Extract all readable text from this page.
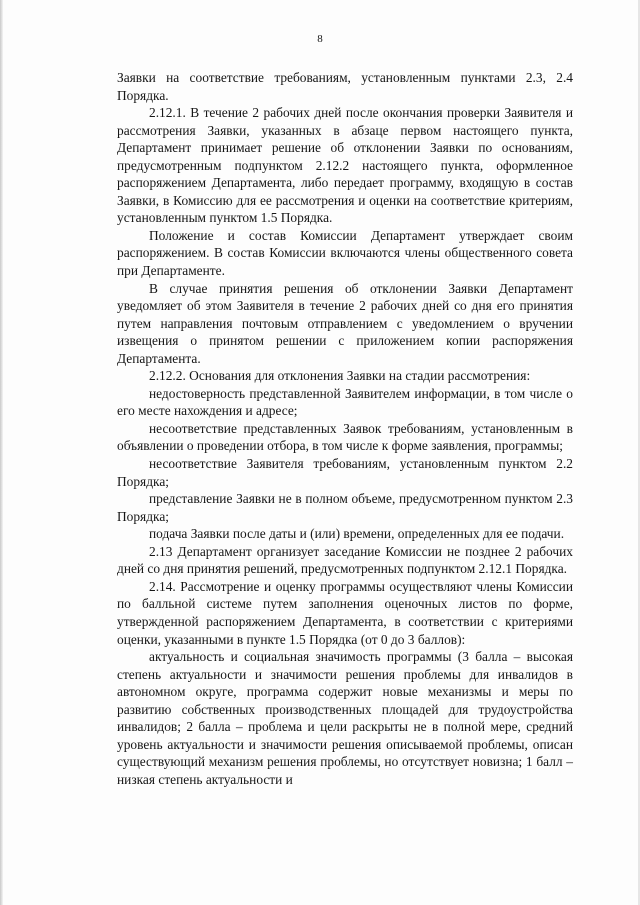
8

Заявки на соответствие требованиям, установленным пунктами 2.3, 2.4 Порядка.

2.12.1. В течение 2 рабочих дней после окончания проверки Заявителя и рассмотрения Заявки, указанных в абзаце первом настоящего пункта, Департамент принимает решение об отклонении Заявки по основаниям, предусмотренным подпунктом 2.12.2 настоящего пункта, оформленное распоряжением Департамента, либо передает программу, входящую в состав Заявки, в Комиссию для ее рассмотрения и оценки на соответствие критериям, установленным пунктом 1.5 Порядка.

Положение и состав Комиссии Департамент утверждает своим распоряжением. В состав Комиссии включаются члены общественного совета при Департаменте.

В случае принятия решения об отклонении Заявки Департамент уведомляет об этом Заявителя в течение 2 рабочих дней со дня его принятия путем направления почтовым отправлением с уведомлением о вручении извещения о принятом решении с приложением копии распоряжения Департамента.

2.12.2. Основания для отклонения Заявки на стадии рассмотрения:

недостоверность представленной Заявителем информации, в том числе о его месте нахождения и адресе;

несоответствие представленных Заявок требованиям, установленным в объявлении о проведении отбора, в том числе к форме заявления, программы;

несоответствие Заявителя требованиям, установленным пунктом 2.2 Порядка;

представление Заявки не в полном объеме, предусмотренном пунктом 2.3 Порядка;

подача Заявки после даты и (или) времени, определенных для ее подачи.

2.13 Департамент организует заседание Комиссии не позднее 2 рабочих дней со дня принятия решений, предусмотренных подпунктом 2.12.1 Порядка.

2.14. Рассмотрение и оценку программы осуществляют члены Комиссии по балльной системе путем заполнения оценочных листов по форме, утвержденной распоряжением Департамента, в соответствии с критериями оценки, указанными в пункте 1.5 Порядка (от 0 до 3 баллов):

актуальность и социальная значимость программы (3 балла – высокая степень актуальности и значимости решения проблемы для инвалидов в автономном округе, программа содержит новые механизмы и меры по развитию собственных производственных площадей для трудоустройства инвалидов; 2 балла – проблема и цели раскрыты не в полной мере, средний уровень актуальности и значимости решения описываемой проблемы, описан существующий механизм решения проблемы, но отсутствует новизна; 1 балл – низкая степень актуальности и
